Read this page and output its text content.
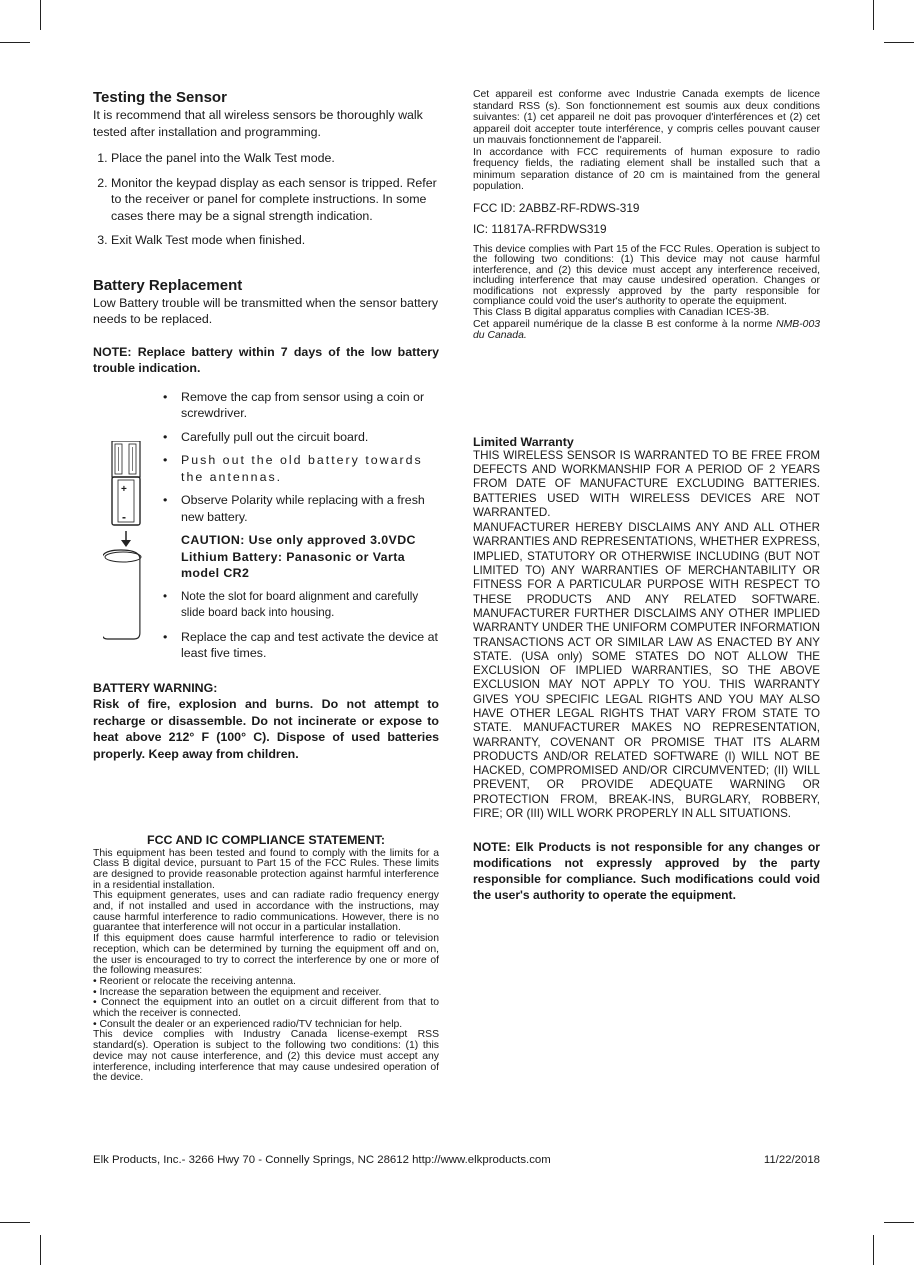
Testing the Sensor

It is recommend that all wireless sensors be thoroughly walk tested after installation and programming.

1. Place the panel into the Walk Test mode.
2. Monitor the keypad display as each sensor is tripped. Refer to the receiver or panel for complete instructions. In some cases there may be a signal strength indication.
3. Exit Walk Test mode when finished.
Battery Replacement

Low Battery trouble will be transmitted when the sensor battery needs to be replaced.

NOTE: Replace battery within 7 days of the low battery trouble indication.

+
-
• Remove the cap from sensor using a coin or screwdriver.
• Carefully pull out the circuit board.
• Push out the old battery towards the antennas.
• Observe Polarity while replacing with a fresh new battery.
CAUTION: Use only approved 3.0VDC Lithium Battery: Panasonic or Varta model CR2
• Note the slot for board alignment and carefully slide board back into housing.
• Replace the cap and test activate the device at least five times.

BATTERY WARNING:

Risk of fire, explosion and burns. Do not attempt to recharge or disassemble. Do not incinerate or expose to heat above 212° F (100° C). Dispose of used batteries properly. Keep away from children.

FCC AND IC COMPLIANCE STATEMENT:

This equipment has been tested and found to comply with the limits for a Class B digital device, pursuant to Part 15 of the FCC Rules. These limits are designed to provide reasonable protection against harmful interference in a residential installation.

This equipment generates, uses and can radiate radio frequency energy and, if not installed and used in accordance with the instructions, may cause harmful interference to radio communications. However, there is no guarantee that interference will not occur in a particular installation.

If this equipment does cause harmful interference to radio or television reception, which can be determined by turning the equipment off and on, the user is encouraged to try to correct the interference by one or more of the following measures:

• Reorient or relocate the receiving antenna.

• Increase the separation between the equipment and receiver.

• Connect the equipment into an outlet on a circuit different from that to which the receiver is connected.

• Consult the dealer or an experienced radio/TV technician for help.

This device complies with Industry Canada license-exempt RSS standard(s). Operation is subject to the following two conditions: (1) this device may not cause interference, and (2) this device must accept any interference, including interference that may cause undesired operation of the device.

Cet appareil est conforme avec Industrie Canada exempts de licence standard RSS (s). Son fonctionnement est soumis aux deux conditions suivantes: (1) cet appareil ne doit pas provoquer d'interférences et (2) cet appareil doit accepter toute interférence, y compris celles pouvant causer un mauvais fonctionnement de l'appareil.

In accordance with FCC requirements of human exposure to radio frequency fields, the radiating element shall be installed such that a minimum separation distance of 20 cm is maintained from the general population.

FCC ID: 2ABBZ-RF-RDWS-319

IC: 11817A-RFRDWS319

This device complies with Part 15 of the FCC Rules. Operation is subject to the following two conditions: (1) This device may not cause harmful interference, and (2) this device must accept any interference received, including interference that may cause undesired operation. Changes or modifications not expressly approved by the party responsible for compliance could void the user's authority to operate the equipment.

This Class B digital apparatus complies with Canadian ICES-3B.

Cet appareil numérique de la classe B est conforme à la norme NMB-003 du Canada.

Limited Warranty

THIS WIRELESS SENSOR IS WARRANTED TO BE FREE FROM DEFECTS AND WORKMANSHIP FOR A PERIOD OF 2 YEARS FROM DATE OF MANUFACTURE EXCLUDING BATTERIES. BATTERIES USED WITH WIRELESS DEVICES ARE NOT WARRANTED.

MANUFACTURER HEREBY DISCLAIMS ANY AND ALL OTHER WARRANTIES AND REPRESENTATIONS, WHETHER EXPRESS, IMPLIED, STATUTORY OR OTHERWISE INCLUDING (BUT NOT LIMITED TO) ANY WARRANTIES OF MERCHANTABILITY OR FITNESS FOR A PARTICULAR PURPOSE WITH RESPECT TO THESE PRODUCTS AND ANY RELATED SOFTWARE. MANUFACTURER FURTHER DISCLAIMS ANY OTHER IMPLIED WARRANTY UNDER THE UNIFORM COMPUTER INFORMATION TRANSACTIONS ACT OR SIMILAR LAW AS ENACTED BY ANY STATE. (USA only) SOME STATES DO NOT ALLOW THE EXCLUSION OF IMPLIED WARRANTIES, SO THE ABOVE EXCLUSION MAY NOT APPLY TO YOU. THIS WARRANTY GIVES YOU SPECIFIC LEGAL RIGHTS AND YOU MAY ALSO HAVE OTHER LEGAL RIGHTS THAT VARY FROM STATE TO STATE. MANUFACTURER MAKES NO REPRESENTATION, WARRANTY, COVENANT OR PROMISE THAT ITS ALARM PRODUCTS AND/OR RELATED SOFTWARE (I) WILL NOT BE HACKED, COMPROMISED AND/OR CIRCUMVENTED; (II) WILL PREVENT, OR PROVIDE ADEQUATE WARNING OR PROTECTION FROM, BREAK-INS, BURGLARY, ROBBERY, FIRE; OR (III) WILL WORK PROPERLY IN ALL SITUATIONS.

NOTE: Elk Products is not responsible for any changes or modifications not expressly approved by the party responsible for compliance. Such modifications could void the user's authority to operate the equipment.

Elk Products, Inc.- 3266 Hwy 70 - Connelly Springs, NC 28612 http://www.elkproducts.com	11/22/2018
